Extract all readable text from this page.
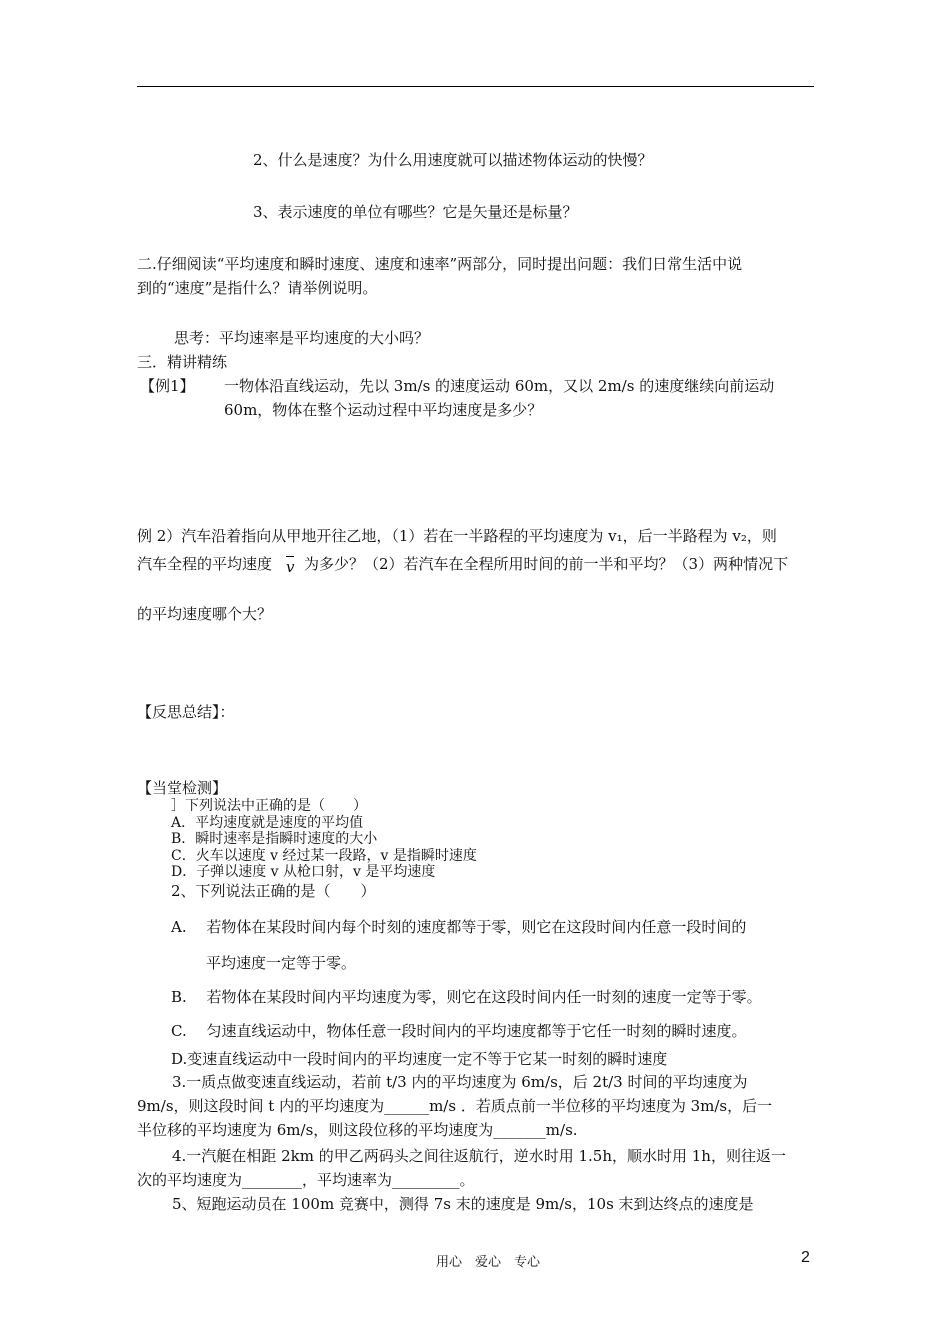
2、什么是速度？为什么用速度就可以描述物体运动的快慢？
3、表示速度的单位有哪些？它是矢量还是标量？
二.仔细阅读“平均速度和瞬时速度、速度和速率”两部分，同时提出问题：我们日常生活中说
到的“速度”是指什么？请举例说明。
思考：平均速率是平均速度的大小吗？
三．精讲精练
【例1】 一物体沿直线运动，先以 3m/s 的速度运动 60m，又以 2m/s 的速度继续向前运动
60m，物体在整个运动过程中平均速度是多少？
例 2）汽车沿着指向从甲地开往乙地，（1）若在一半路程的平均速度为 v₁，后一半路程为 v₂，则
汽车全程的平均速度 v 为多少？（2）若汽车在全程所用时间的前一半和平均？（3）两种情况下
的平均速度哪个大？
【反思总结】：
【当堂检测】
］下列说法中正确的是（　　）
A．平均速度就是速度的平均值
B．瞬时速率是指瞬时速度的大小
C．火车以速度 v 经过某一段路，v 是指瞬时速度
D．子弹以速度 v 从枪口射，v 是平均速度
2、下列说法正确的是（　　）
A.　 若物体在某段时间内每个时刻的速度都等于零，则它在这段时间内任意一段时间的
平均速度一定等于零。
B.　 若物体在某段时间内平均速度为零，则它在这段时间内任一时刻的速度一定等于零。
C.　 匀速直线运动中，物体任意一段时间内的平均速度都等于它任一时刻的瞬时速度。
D.变速直线运动中一段时间内的平均速度一定不等于它某一时刻的瞬时速度
3.一质点做变速直线运动，若前 t/3 内的平均速度为 6m/s，后 2t/3 时间的平均速度为
9m/s，则这段时间 t 内的平均速度为______m/s ．若质点前一半位移的平均速度为 3m/s，后一
半位移的平均速度为 6m/s，则这段位移的平均速度为_______m/s.
4.一汽艇在相距 2km 的甲乙两码头之间往返航行，逆水时用 1.5h，顺水时用 1h，则往返一
次的平均速度为________，平均速率为_________。
5、短跑运动员在 100m 竞赛中，测得 7s 末的速度是 9m/s，10s 末到达终点的速度是
用心　爱心　专心	2
